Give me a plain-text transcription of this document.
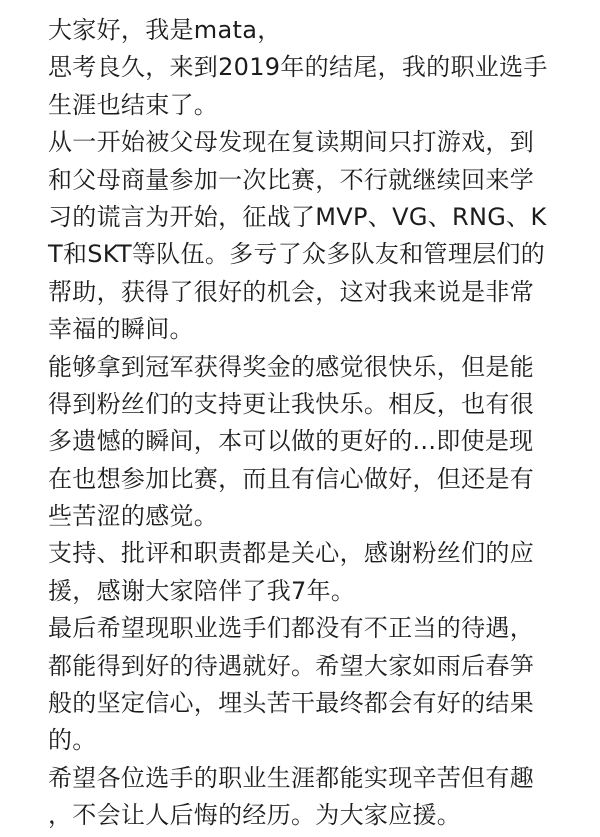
大家好，我是mata，
思考良久，来到2019年的结尾，我的职业选手
生涯也结束了。
从一开始被父母发现在复读期间只打游戏，到
和父母商量参加一次比赛，不行就继续回来学
习的谎言为开始，征战了MVP、VG、RNG、K
T和SKT等队伍。多亏了众多队友和管理层们的
帮助，获得了很好的机会，这对我来说是非常
幸福的瞬间。
能够拿到冠军获得奖金的感觉很快乐，但是能
得到粉丝们的支持更让我快乐。相反，也有很
多遗憾的瞬间，本可以做的更好的...即使是现
在也想参加比赛，而且有信心做好，但还是有
些苦涩的感觉。
支持、批评和职责都是关心，感谢粉丝们的应
援，感谢大家陪伴了我7年。
最后希望现职业选手们都没有不正当的待遇，
都能得到好的待遇就好。希望大家如雨后春笋
般的坚定信心，埋头苦干最终都会有好的结果
的。
希望各位选手的职业生涯都能实现辛苦但有趣
，不会让人后悔的经历。为大家应援。
